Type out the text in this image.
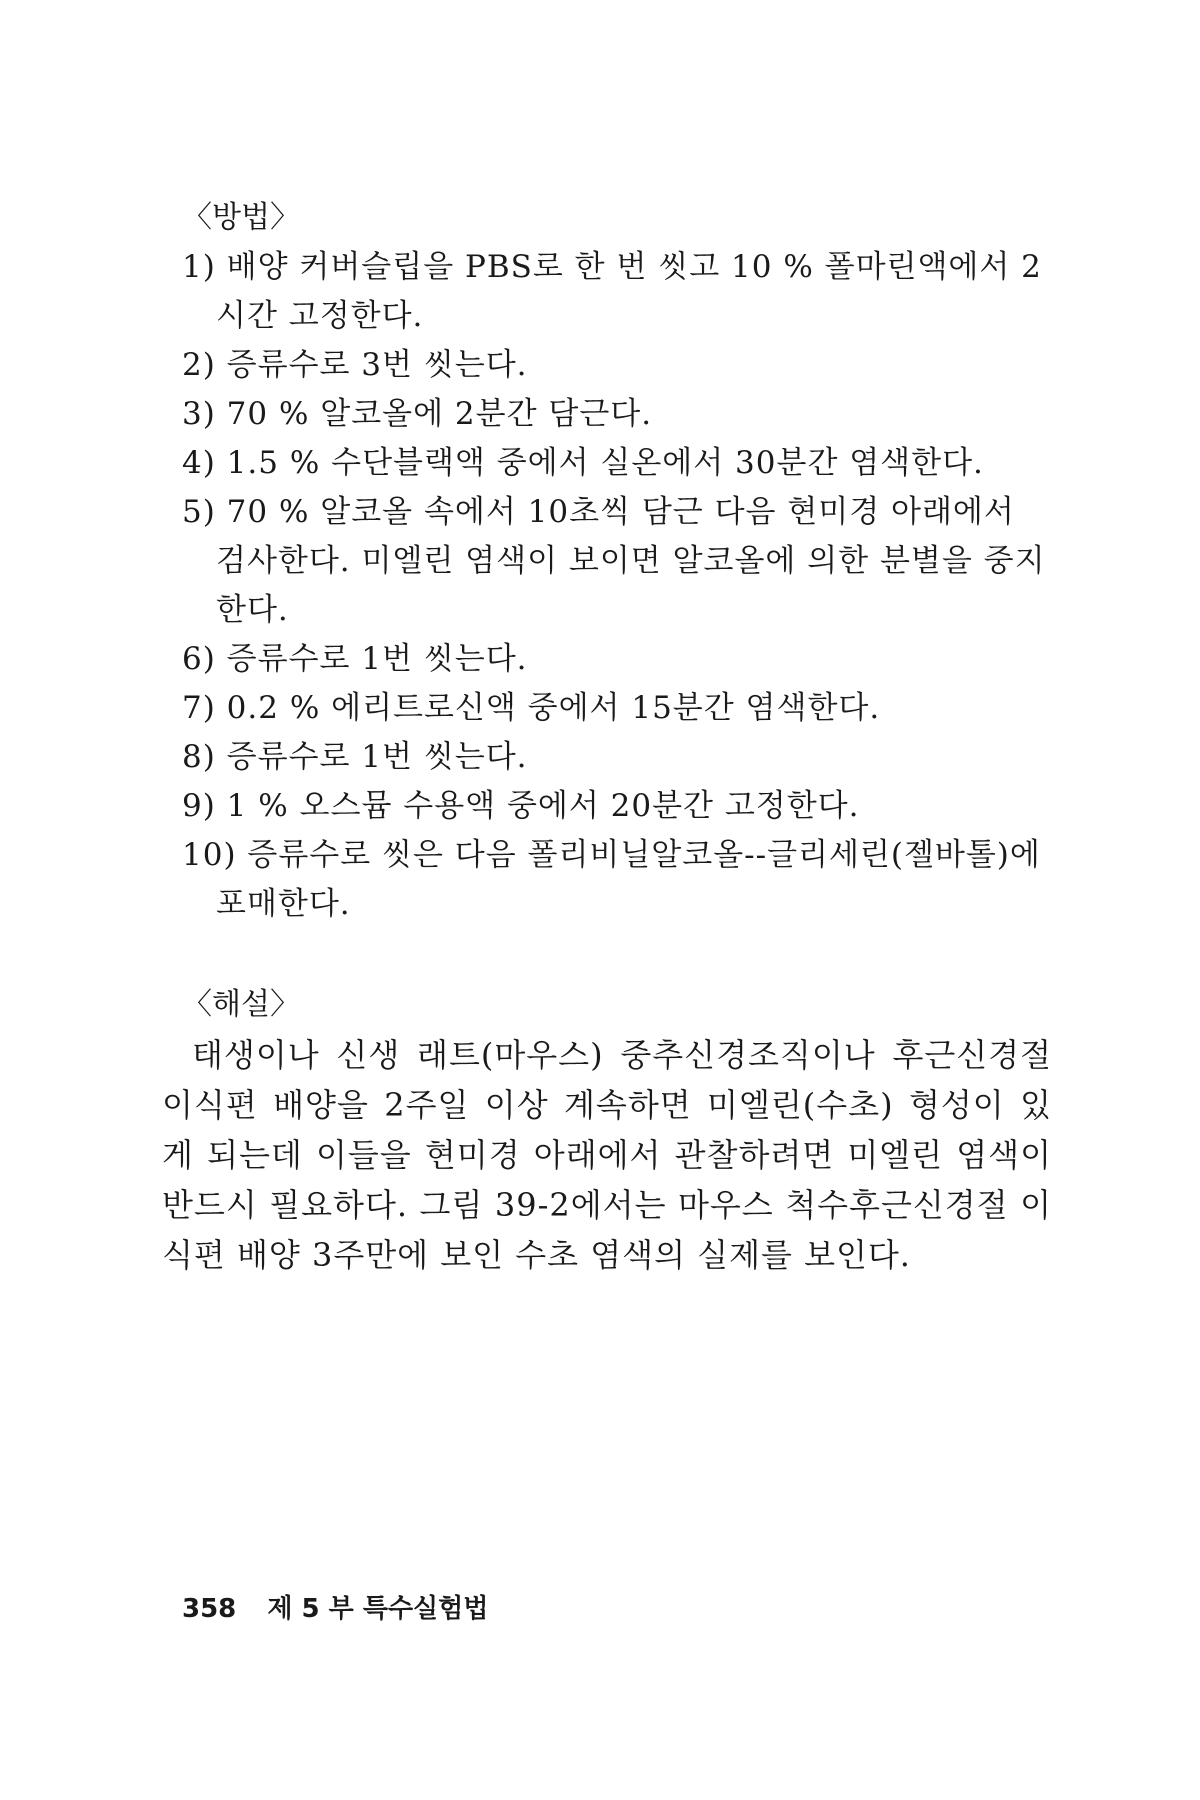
〈방법〉

1) 배양 커버슬립을 PBS로 한 번 씻고 10 % 폴마린액에서 2시간 고정한다.
2) 증류수로 3번 씻는다.
3) 70 % 알코올에 2분간 담근다.
4) 1.5 % 수단블랙액 중에서 실온에서 30분간 염색한다.
5) 70 % 알코올 속에서 10초씩 담근 다음 현미경 아래에서 검사한다. 미엘린 염색이 보이면 알코올에 의한 분별을 중지한다.
6) 증류수로 1번 씻는다.
7) 0.2 % 에리트로신액 중에서 15분간 염색한다.
8) 증류수로 1번 씻는다.
9) 1 % 오스뮴 수용액 중에서 20분간 고정한다.
10) 증류수로 씻은 다음 폴리비닐알코올--글리세린(젤바톨)에 포매한다.

〈해설〉

태생이나 신생 래트(마우스) 중추신경조직이나 후근신경절 이식편 배양을 2주일 이상 계속하면 미엘린(수초) 형성이 있게 되는데 이들을 현미경 아래에서 관찰하려면 미엘린 염색이 반드시 필요하다. 그림 39-2에서는 마우스 척수후근신경절 이식편 배양 3주만에 보인 수초 염색의 실제를 보인다.

358 제 5 부 특수실험법
